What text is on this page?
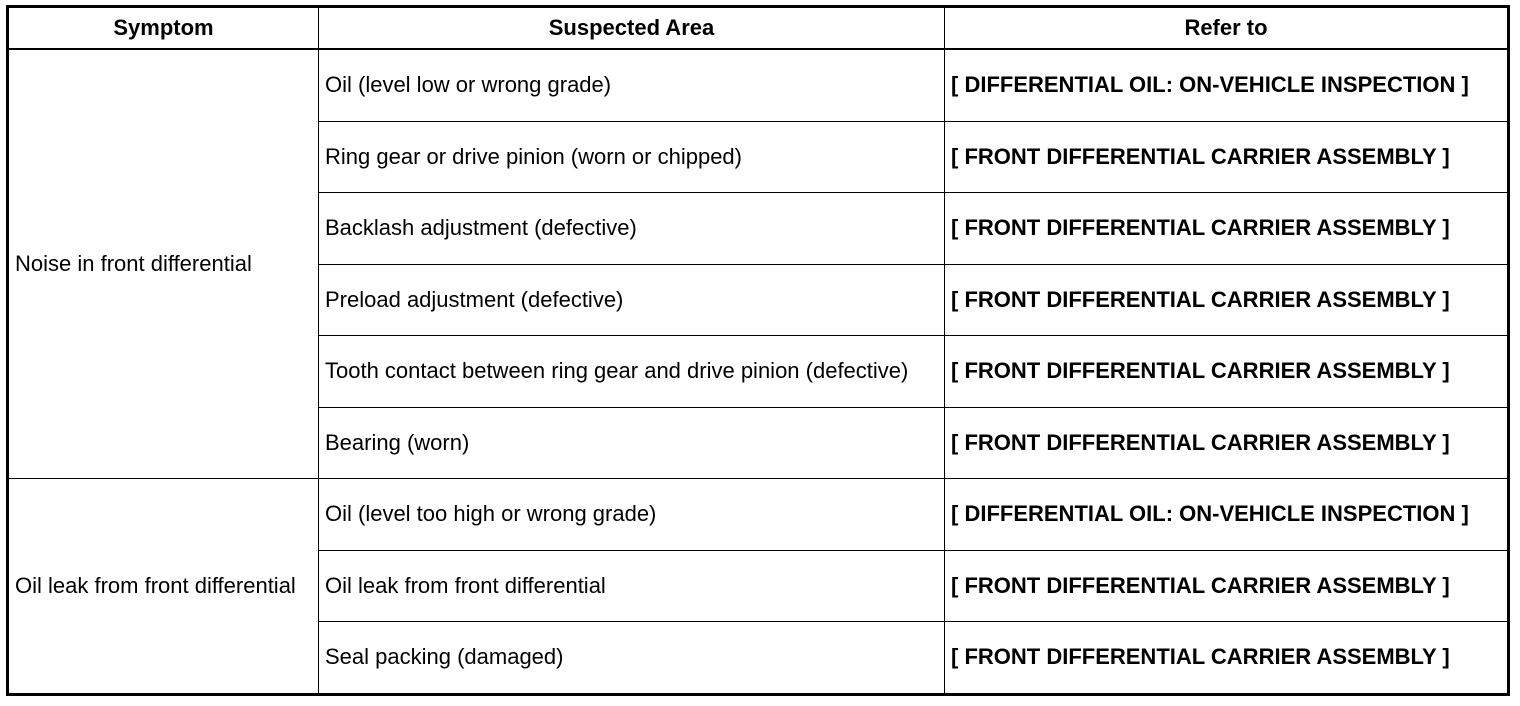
Symptom	Suspected Area	Refer to
Noise in front differential	Oil (level low or wrong grade)	[ DIFFERENTIAL OIL: ON-VEHICLE INSPECTION ]
	Ring gear or drive pinion (worn or chipped)	[ FRONT DIFFERENTIAL CARRIER ASSEMBLY ]
	Backlash adjustment (defective)	[ FRONT DIFFERENTIAL CARRIER ASSEMBLY ]
	Preload adjustment (defective)	[ FRONT DIFFERENTIAL CARRIER ASSEMBLY ]
	Tooth contact between ring gear and drive pinion (defective)	[ FRONT DIFFERENTIAL CARRIER ASSEMBLY ]
	Bearing (worn)	[ FRONT DIFFERENTIAL CARRIER ASSEMBLY ]
Oil leak from front differential	Oil (level too high or wrong grade)	[ DIFFERENTIAL OIL: ON-VEHICLE INSPECTION ]
	Oil leak from front differential	[ FRONT DIFFERENTIAL CARRIER ASSEMBLY ]
	Seal packing (damaged)	[ FRONT DIFFERENTIAL CARRIER ASSEMBLY ]
